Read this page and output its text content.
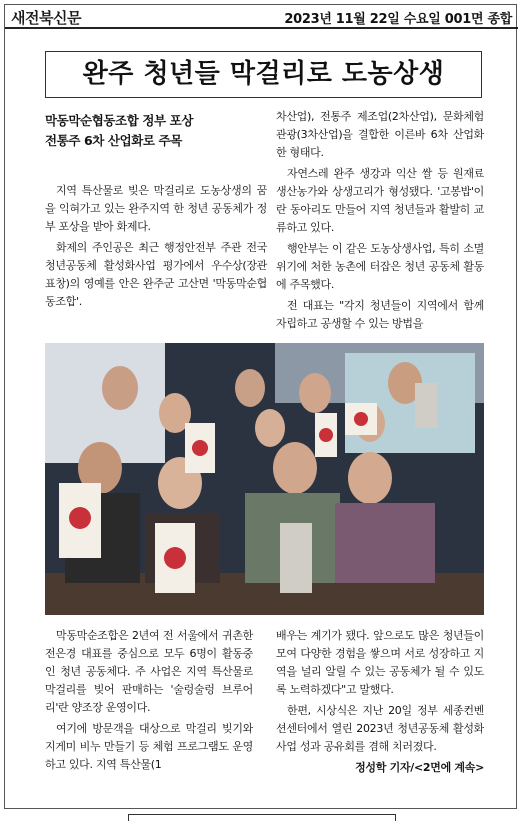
새전북신문	2023년 11월 22일 수요일 001면 종합
완주 청년들 막걸리로 도농상생
막동막순협동조합 정부 포상
전통주 6차 산업화로 주목

지역 특산물로 빚은 막걸리로 도농상생의 꿈을 익혀가고 있는 완주지역 한 청년 공동체가 정부 포상을 받아 화제다.

화제의 주인공은 최근 행정안전부 주관 전국 청년공동체 활성화사업 평가에서 우수상(장관 표창)의 영예를 안은 완주군 고산면 '막동막순협동조합'.

차산업), 전통주 제조업(2차산업), 문화체험관광(3차산업)을 결합한 이른바 6차 산업화 한 형태다.

자연스레 완주 생강과 익산 쌀 등 원재료 생산농가와 상생고리가 형성됐다. '고봉밥'이란 동아리도 만들어 지역 청년들과 활발히 교류하고 있다.

행안부는 이 같은 도농상생사업, 특히 소멸위기에 처한 농촌에 터잡은 청년 공동체 활동에 주목했다.

전 대표는 "각지 청년들이 지역에서 함께 자립하고 공생할 수 있는 방법을

막동막순조합은 2년여 전 서울에서 귀촌한 전은경 대표를 중심으로 모두 6명이 활동중인 청년 공동체다. 주 사업은 지역 특산물로 막걸리를 빚어 판매하는 '술렁술렁 브루어리'란 양조장 운영이다.

여기에 방문객을 대상으로 막걸리 빚기와 지게미 비누 만들기 등 체험 프로그램도 운영하고 있다. 지역 특산물(1

배우는 계기가 됐다. 앞으로도 많은 청년들이 모여 다양한 경험을 쌓으며 서로 성장하고 지역을 널리 알릴 수 있는 공동체가 될 수 있도록 노력하겠다"고 말했다.

한편, 시상식은 지난 20일 정부 세종컨벤션센터에서 열린 2023년 청년공동체 활성화사업 성과 공유회를 겸해 치러졌다.

정성학 기자/<2면에 계속>
